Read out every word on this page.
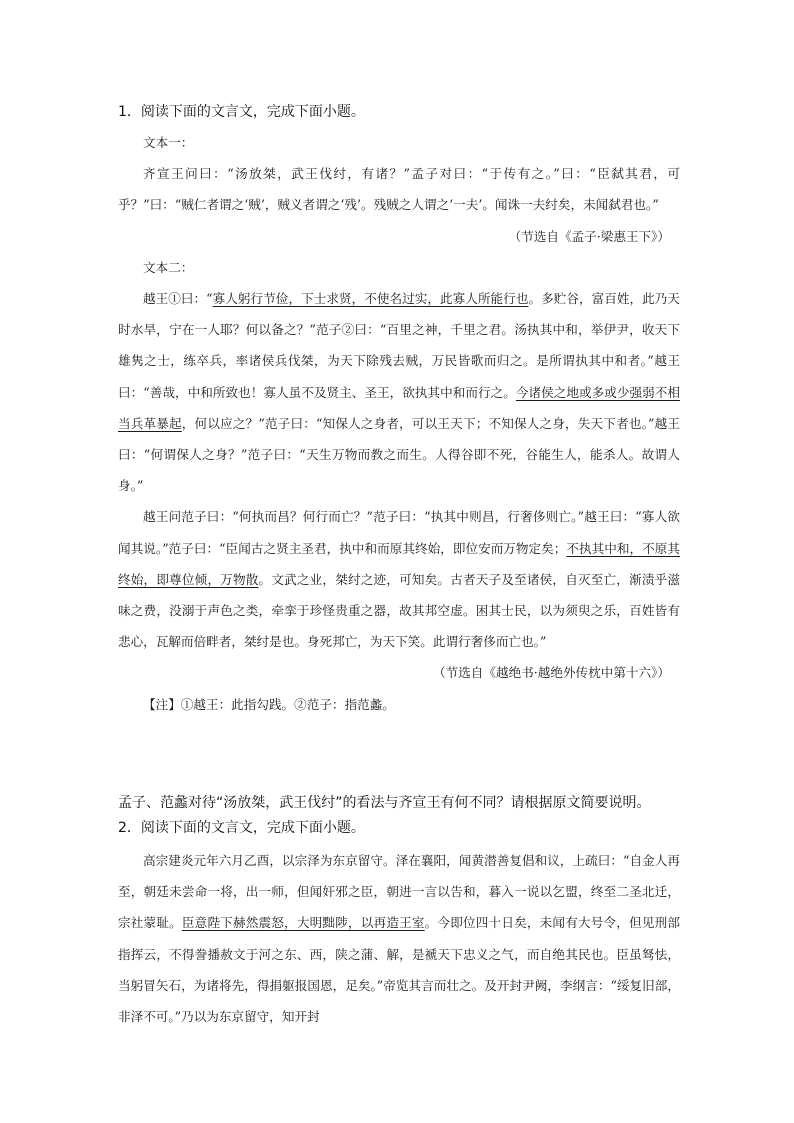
1．阅读下面的文言文，完成下面小题。

文本一：

齐宣王问曰：“汤放桀，武王伐纣，有诸？”孟子对曰：“于传有之。”曰：“臣弑其君，可乎？”曰：“贼仁者谓之‘贼’，贼义者谓之‘残’。残贼之人谓之‘一夫’。闻诛一夫纣矣，未闻弑君也。”

（节选自《孟子·梁惠王下》）

文本二：

越王①曰：“寡人躬行节俭，下士求贤，不使名过实，此寡人所能行也。多贮谷，富百姓，此乃天时水旱，宁在一人耶？何以备之？”范子②曰：“百里之神，千里之君。汤执其中和，举伊尹，收天下雄隽之士，练卒兵，率诸侯兵伐桀，为天下除残去贼，万民皆歌而归之。是所谓执其中和者。”越王曰：“善哉，中和所致也！寡人虽不及贤主、圣王，欲执其中和而行之。今诸侯之地或多或少强弱不相当兵革暴起，何以应之？”范子曰：“知保人之身者，可以王天下；不知保人之身，失天下者也。”越王曰：“何谓保人之身？”范子曰：“天生万物而教之而生。人得谷即不死，谷能生人，能杀人。故谓人身。”

越王问范子曰：“何执而昌？何行而亡？”范子曰：“执其中则昌，行奢侈则亡。”越王曰：“寡人欲闻其说。”范子曰：“臣闻古之贤主圣君，执中和而原其终始，即位安而万物定矣；不执其中和，不原其终始，即尊位倾，万物散。文武之业，桀纣之迹，可知矣。古者天子及至诸侯，自灭至亡，渐渍乎滋味之费，没溺于声色之类，牵挛于珍怪贵重之器，故其邦空虚。困其士民，以为须臾之乐，百姓皆有悲心，瓦解而倍畔者，桀纣是也。身死邦亡，为天下笑。此谓行奢侈而亡也。”

（节选自《越绝书·越绝外传枕中第十六》）

【注】①越王：此指勾践。②范子：指范蠡。

孟子、范蠡对待“汤放桀，武王伐纣”的看法与齐宣王有何不同？请根据原文简要说明。

2．阅读下面的文言文，完成下面小题。

高宗建炎元年六月乙酉，以宗泽为东京留守。泽在襄阳，闻黄潜善复倡和议，上疏曰：“自金人再至，朝廷未尝命一将，出一师，但闻奸邪之臣，朝进一言以告和，暮入一说以乞盟，终至二圣北迁，宗社蒙耻。臣意陛下赫然震怒，大明黜陟，以再造王室。今即位四十日矣，未闻有大号令，但见刑部指挥云，不得誊播赦文于河之东、西，陕之蒲、解，是褫天下忠义之气，而自绝其民也。臣虽驽怯，当躬冒矢石，为诸将先，得捐躯报国恩，足矣。”帝览其言而壮之。及开封尹阙，李纲言：“绥复旧部，非泽不可。”乃以为东京留守，知开封
